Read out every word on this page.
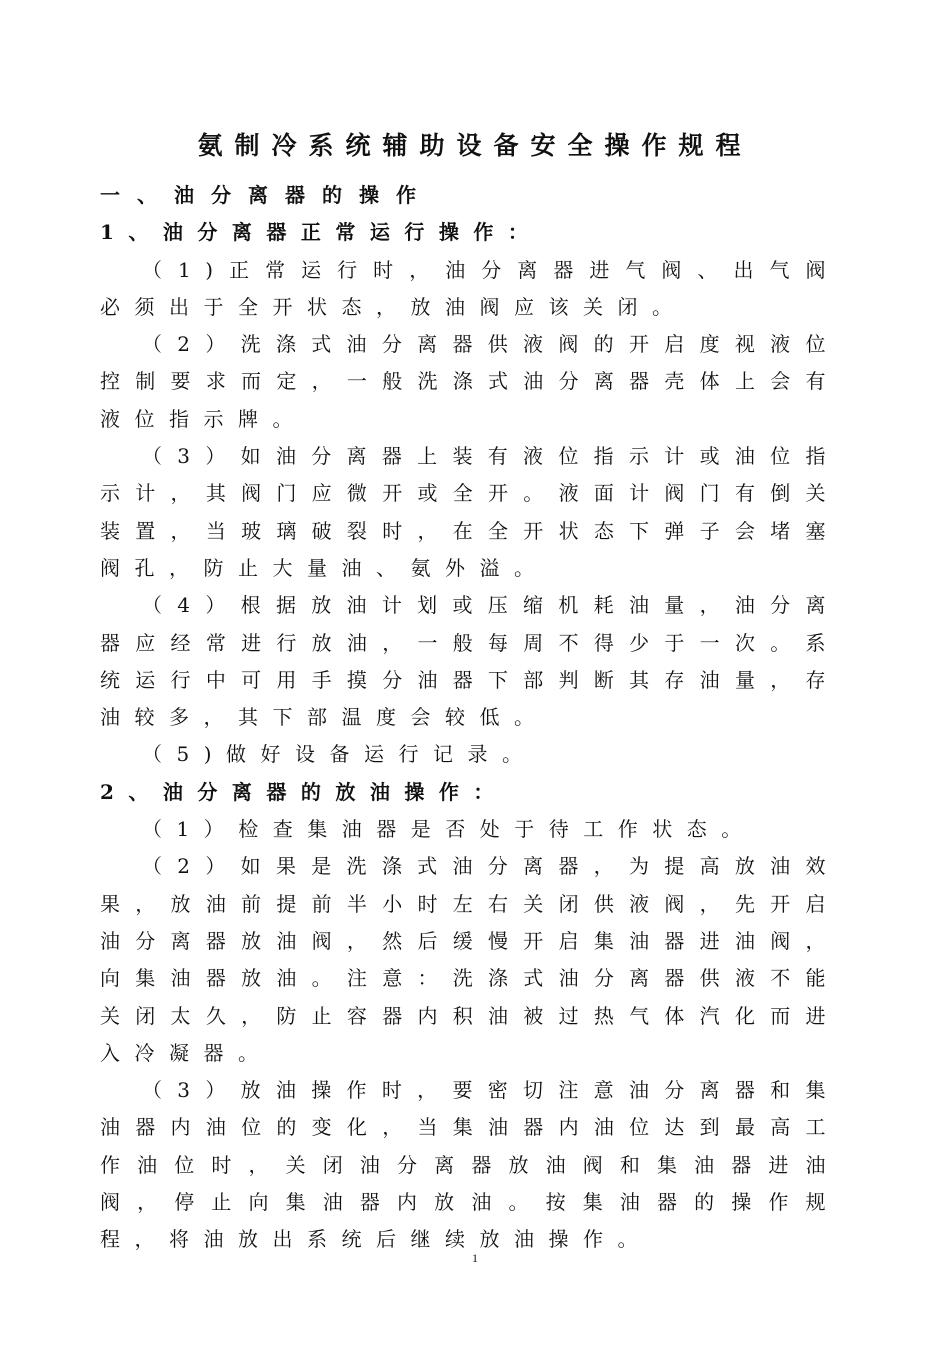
氨制冷系统辅助设备安全操作规程
一、油分离器的操作
1、油分离器正常运行操作：

（1)正常运行时，油分离器进气阀、出气阀必须出于全开状态，放油阀应该关闭。

（2）洗涤式油分离器供液阀的开启度视液位控制要求而定，一般洗涤式油分离器壳体上会有液位指示牌。

（3）如油分离器上装有液位指示计或油位指示计，其阀门应微开或全开。液面计阀门有倒关装置，当玻璃破裂时，在全开状态下弹子会堵塞阀孔，防止大量油、氨外溢。

（4）根据放油计划或压缩机耗油量，油分离器应经常进行放油，一般每周不得少于一次。系统运行中可用手摸分油器下部判断其存油量，存油较多，其下部温度会较低。

（5)做好设备运行记录。

2、油分离器的放油操作：

（1）检查集油器是否处于待工作状态。

（2）如果是洗涤式油分离器，为提高放油效果，放油前提前半小时左右关闭供液阀，先开启油分离器放油阀，然后缓慢开启集油器进油阀，向集油器放油。注意：洗涤式油分离器供液不能关闭太久，防止容器内积油被过热气体汽化而进入冷凝器。

（3）放油操作时，要密切注意油分离器和集油器内油位的变化，当集油器内油位达到最高工作油位时，关闭油分离器放油阀和集油器进油阀，停止向集油器内放油。按集油器的操作规程，将油放出系统后继续放油操作。

1
